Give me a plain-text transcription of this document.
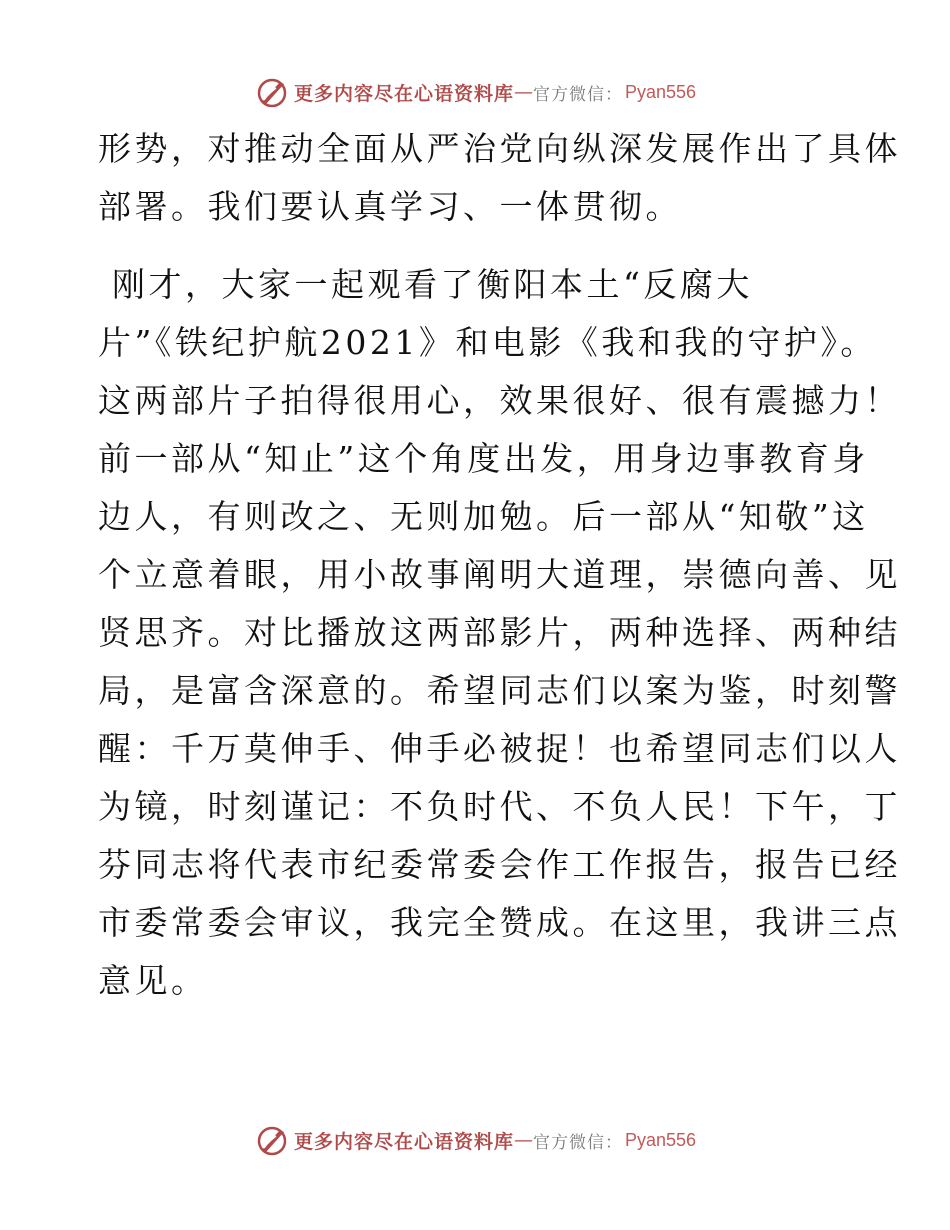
更多内容尽在心语资料库 — 官方微信： Pyan556
形势，对推动全面从严治党向纵深发展作出了具体
部署。我们要认真学习、一体贯彻。
刚才，大家一起观看了衡阳本土“反腐大
片”《铁纪护航2021》和电影《我和我的守护》。
这两部片子拍得很用心，效果很好、很有震撼力！
前一部从“知止”这个角度出发，用身边事教育身
边人，有则改之、无则加勉。后一部从“知敬”这
个立意着眼，用小故事阐明大道理，崇德向善、见
贤思齐。对比播放这两部影片，两种选择、两种结
局，是富含深意的。希望同志们以案为鉴，时刻警
醒：千万莫伸手、伸手必被捉！也希望同志们以人
为镜，时刻谨记：不负时代、不负人民！下午，丁
芬同志将代表市纪委常委会作工作报告，报告已经
市委常委会审议，我完全赞成。在这里，我讲三点
意见。
更多内容尽在心语资料库 — 官方微信： Pyan556
